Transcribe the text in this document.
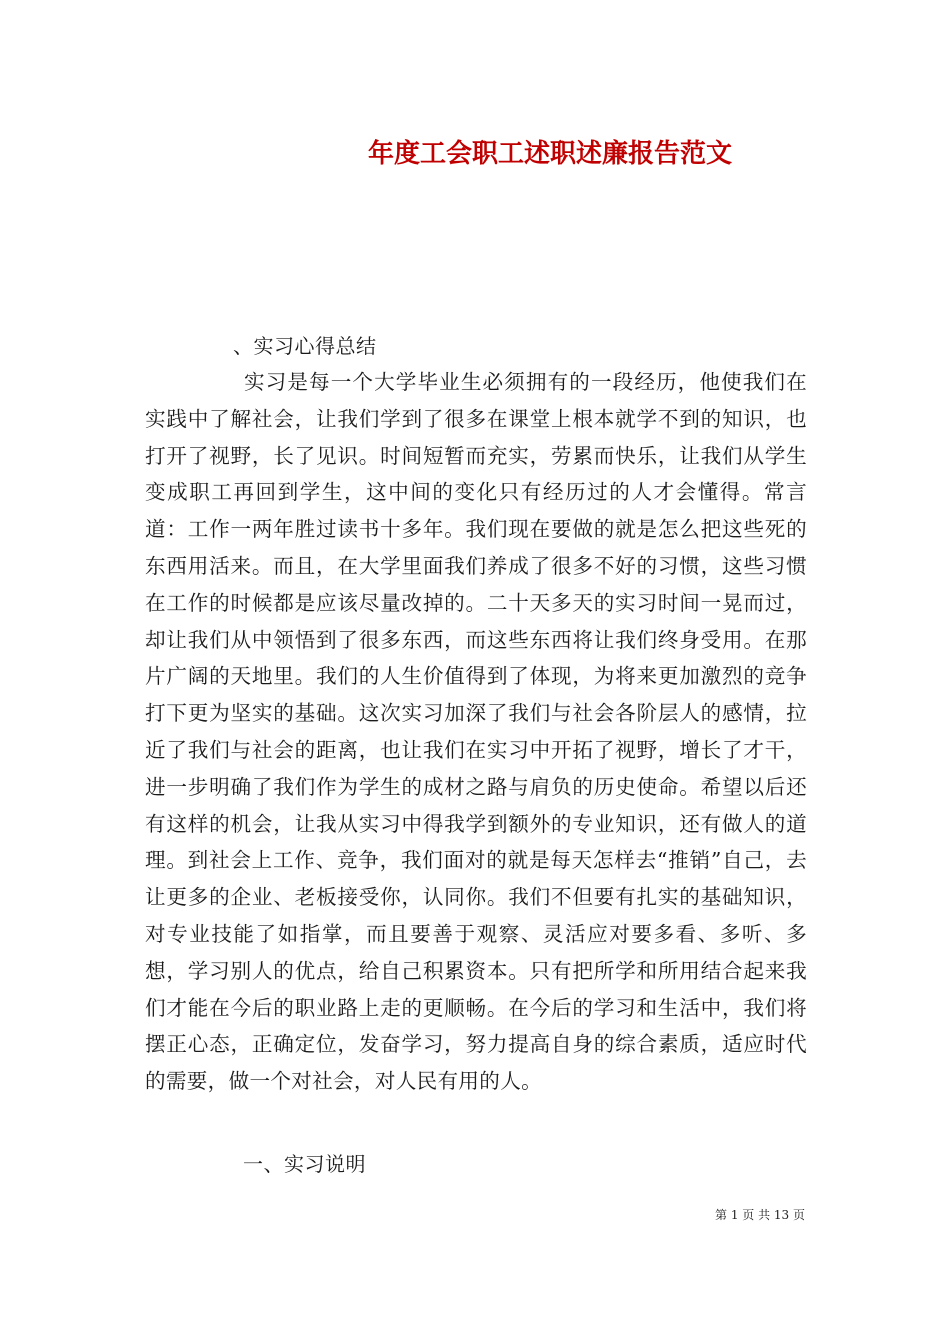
年度工会职工述职述廉报告范文
、实习心得总结
实习是每一个大学毕业生必须拥有的一段经历，他使我们在实践中了解社会，让我们学到了很多在课堂上根本就学不到的知识，也打开了视野，长了见识。时间短暂而充实，劳累而快乐，让我们从学生变成职工再回到学生，这中间的变化只有经历过的人才会懂得。常言道：工作一两年胜过读书十多年。我们现在要做的就是怎么把这些死的东西用活来。而且，在大学里面我们养成了很多不好的习惯，这些习惯在工作的时候都是应该尽量改掉的。二十天多天的实习时间一晃而过，却让我们从中领悟到了很多东西，而这些东西将让我们终身受用。在那片广阔的天地里。我们的人生价值得到了体现，为将来更加激烈的竞争打下更为坚实的基础。这次实习加深了我们与社会各阶层人的感情，拉近了我们与社会的距离，也让我们在实习中开拓了视野，增长了才干，进一步明确了我们作为学生的成材之路与肩负的历史使命。希望以后还有这样的机会，让我从实习中得我学到额外的专业知识，还有做人的道理。到社会上工作、竞争，我们面对的就是每天怎样去“推销”自己，去让更多的企业、老板接受你，认同你。我们不但要有扎实的基础知识，对专业技能了如指掌，而且要善于观察、灵活应对要多看、多听、多想，学习别人的优点，给自己积累资本。只有把所学和所用结合起来我们才能在今后的职业路上走的更顺畅。在今后的学习和生活中，我们将摆正心态，正确定位，发奋学习，努力提高自身的综合素质，适应时代的需要，做一个对社会，对人民有用的人。
一、实习说明
第 1 页 共 13 页
